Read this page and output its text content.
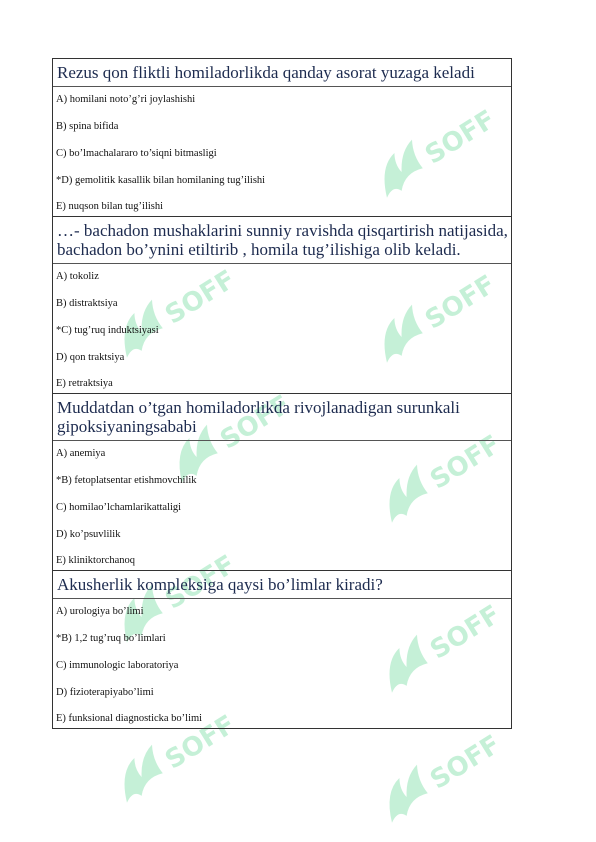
SOFF
SOFF	SOFF
SOFF
SOFF
SOFF
SOFF
SOFF	SOFF
Rezus qon fliktli homiladorlikda qanday asorat yuzaga keladi
A) homilani noto’g’ri joylashishi
B) spina bifida
C) bo’lmachalararo to’siqni bitmasligi
*D) gemolitik kasallik bilan homilaning tug’ilishi
E) nuqson bilan tug’ilishi
…- bachadon mushaklarini sunniy ravishda qisqartirish natijasida, bachadon bo’ynini etiltirib , homila tug’ilishiga olib keladi.
A) tokoliz
B) distraktsiya
*C) tug’ruq induktsiyasi
D) qon traktsiya
E) retraktsiya
Muddatdan o’tgan homiladorlikda rivojlanadigan surunkali gipoksiyaningsababi
A) anemiya
*B) fetoplatsentar etishmovchilik
C) homilao’lchamlarikattaligi
D) ko’psuvlilik
E) kliniktorchanoq
Akusherlik kompleksiga qaysi bo’limlar kiradi?
A) urologiya bo’limi
*B) 1,2 tug’ruq bo’limlari
C) immunologic laboratoriya
D) fizioterapiyabo’limi
E) funksional diagnosticka bo’limi
